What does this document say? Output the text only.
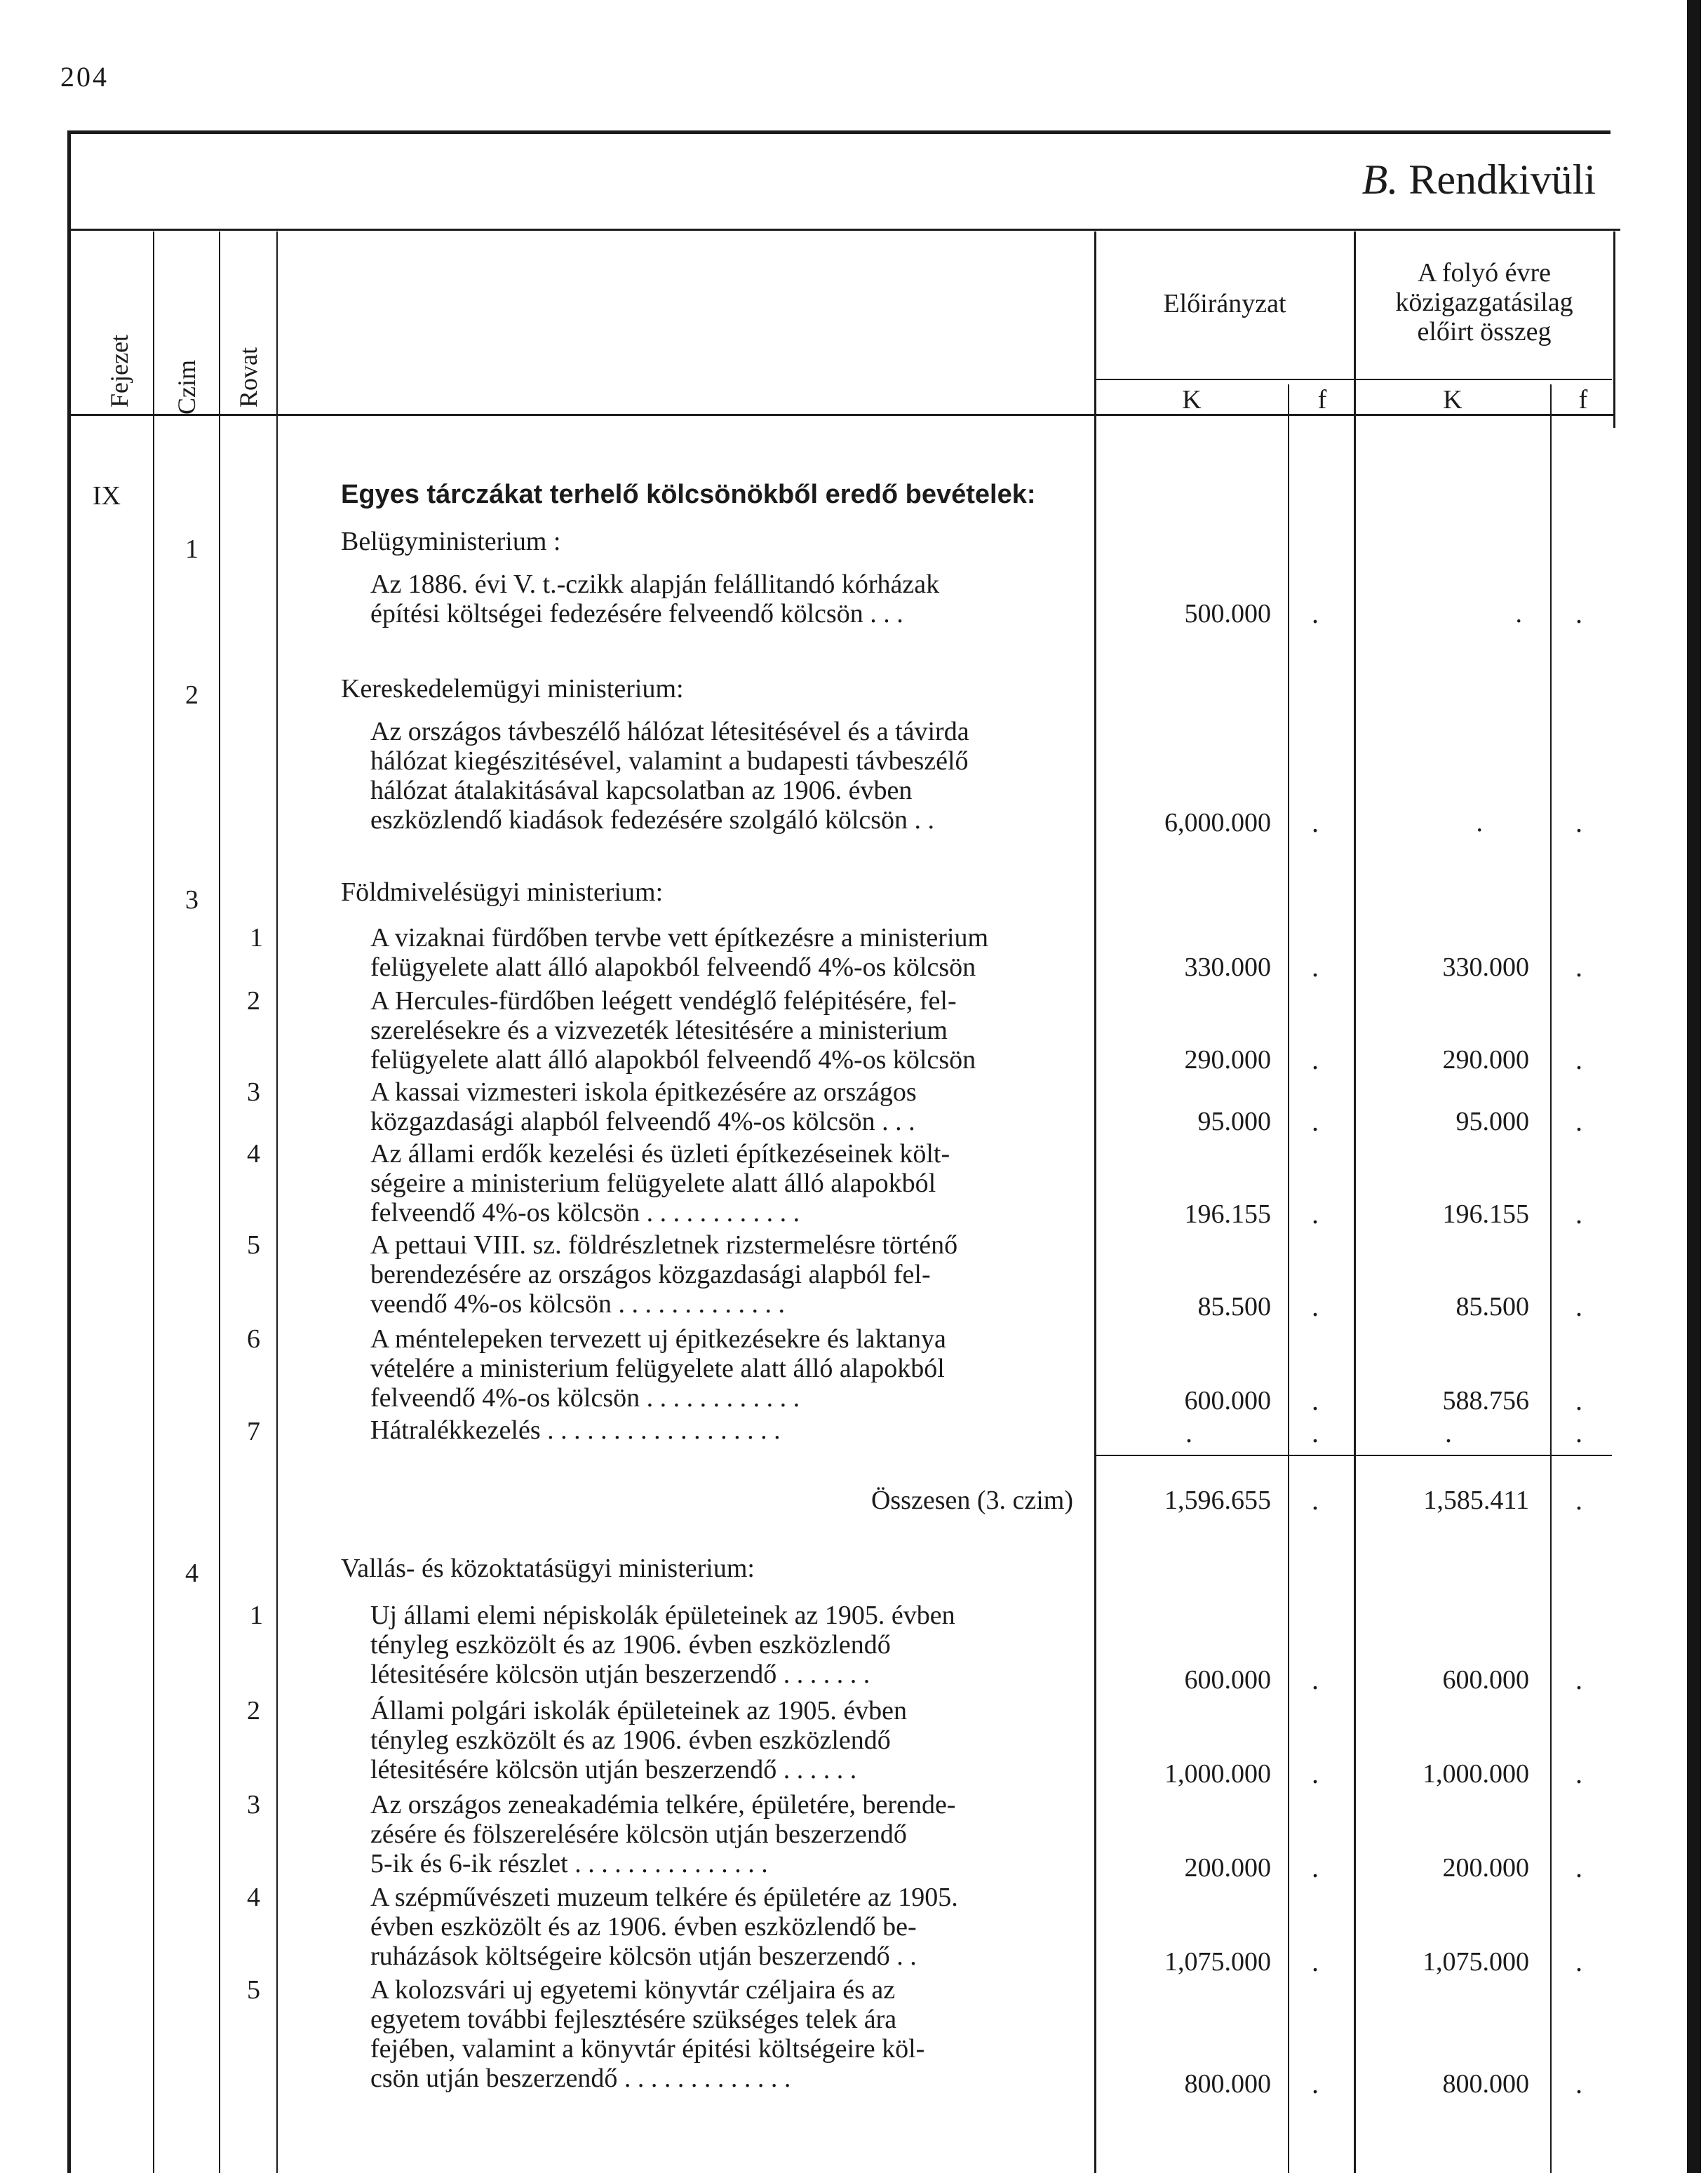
204
B. Rendkivüli
Fejezet Czim Rovat
Előirányzat
A folyó évre
közigazgatásilag
előirt összeg
K	f	K	f
IX	Egyes tárczákat terhelő kölcsönökből eredő bevételek:
1	Belügyministerium :
Az 1886. évi V. t.-czikk alapján felállitandó kórházak
építési költségei fedezésére felveendő kölcsön . . .	500.000 .	. .
2	Kereskedelemügyi ministerium:
Az országos távbeszélő hálózat létesitésével és a távirda
hálózat kiegészitésével, valamint a budapesti távbeszélő
hálózat átalakitásával kapcsolatban az 1906. évben
eszközlendő kiadások fedezésére szolgáló kölcsön . .	6,000.000 .	.	.
3	Földmivelésügyi ministerium:
1	A vizaknai fürdőben tervbe vett építkezésre a ministerium
felügyelete alatt álló alapokból felveendő 4%-os kölcsön	330.000 .	330.000 .
2	A Hercules-fürdőben leégett vendéglő felépitésére, fel-
szerelésekre és a vizvezeték létesitésére a ministerium
felügyelete alatt álló alapokból felveendő 4%-os kölcsön	290.000 .	290.000 .
3	A kassai vizmesteri iskola épitkezésére az országos
közgazdasági alapból felveendő 4%-os kölcsön . . .	95.000 .	95.000 .
4	Az állami erdők kezelési és üzleti építkezéseinek költ-
ségeire a ministerium felügyelete alatt álló alapokból
felveendő 4%-os kölcsön . . . . . . . . . . . .	196.155 .	196.155 .
5	A pettaui VIII. sz. földrészletnek rizstermelésre történő
berendezésére az országos közgazdasági alapból fel-
veendő 4%-os kölcsön . . . . . . . . . . . . .	85.500 .	85.500 .
6	A méntelepeken tervezett uj épitkezésekre és laktanya
vételére a ministerium felügyelete alatt álló alapokból
felveendő 4%-os kölcsön . . . . . . . . . . . .	600.000 .	588.756 .
7	Hátralékkezelés . . . . . . . . . . . . . . . . . .	.	.	.	.
Összesen (3. czim)	1,596.655 .	1,585.411 .
4	Vallás- és közoktatásügyi ministerium:
1	Uj állami elemi népiskolák épületeinek az 1905. évben
tényleg eszközölt és az 1906. évben eszközlendő
létesitésére kölcsön utján beszerzendő . . . . . . .	600.000 .	600.000 .
2	Állami polgári iskolák épületeinek az 1905. évben
tényleg eszközölt és az 1906. évben eszközlendő
létesitésére kölcsön utján beszerzendő . . . . . .	1,000.000 .	1,000.000 .
3	Az országos zeneakadémia telkére, épületére, berende-
zésére és fölszerelésére kölcsön utján beszerzendő
5-ik és 6-ik részlet . . . . . . . . . . . . . . .	200.000 .	200.000 .
4	A szépművészeti muzeum telkére és épületére az 1905.
évben eszközölt és az 1906. évben eszközlendő be-
ruházások költségeire kölcsön utján beszerzendő . .	1,075.000 .	1,075.000 .
5	A kolozsvári uj egyetemi könyvtár czéljaira és az
egyetem további fejlesztésére szükséges telek ára
fejében, valamint a könyvtár épitési költségeire köl-
csön utján beszerzendő . . . . . . . . . . . . .	800.000 .	800.000 .
